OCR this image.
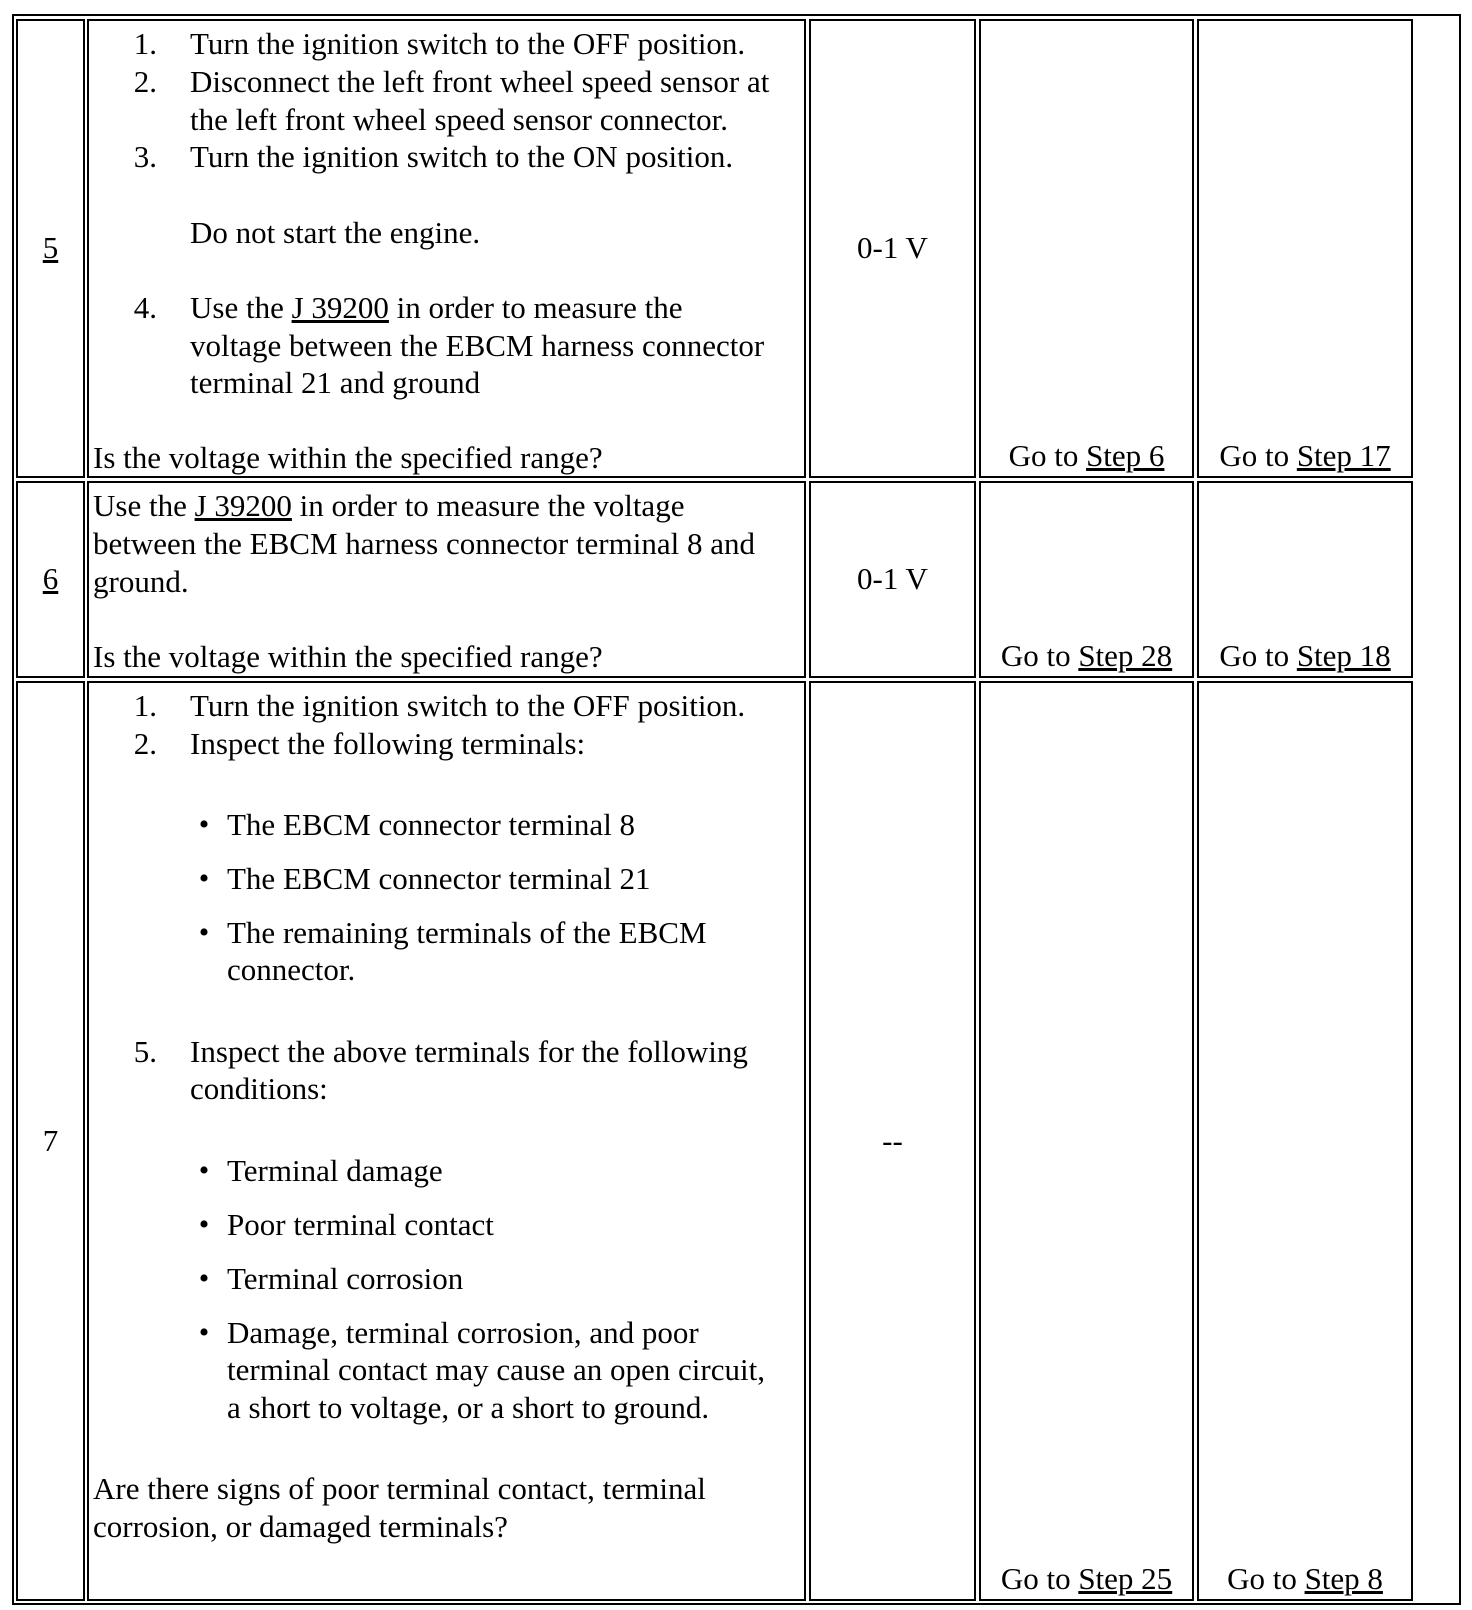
5
1. Turn the ignition switch to the OFF position.
2. Disconnect the left front wheel speed sensor at
the left front wheel speed sensor connector.
3. Turn the ignition switch to the ON position.
Do not start the engine.
4. Use the J 39200 in order to measure the
voltage between the EBCM harness connector
terminal 21 and ground
Is the voltage within the specified range?
0-1 V
Go to Step 6 Go to Step 17
6
Use the J 39200 in order to measure the voltage
between the EBCM harness connector terminal 8 and
ground.
Is the voltage within the specified range?
0-1 V
Go to Step 28 Go to Step 18
7
1. Turn the ignition switch to the OFF position.
2. Inspect the following terminals:
• The EBCM connector terminal 8
• The EBCM connector terminal 21
• The remaining terminals of the EBCM
connector.
5. Inspect the above terminals for the following
conditions:
• Terminal damage
• Poor terminal contact
• Terminal corrosion
• Damage, terminal corrosion, and poor
terminal contact may cause an open circuit,
a short to voltage, or a short to ground.
Are there signs of poor terminal contact, terminal
corrosion, or damaged terminals?
--
Go to Step 25 Go to Step 8
